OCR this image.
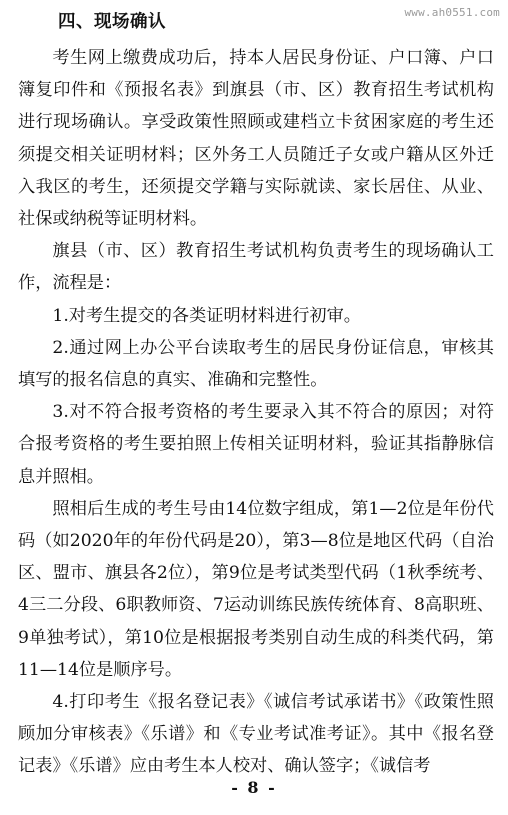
www.ah0551.com
四、现场确认

考生网上缴费成功后，持本人居民身份证、户口簿、户口簿复印件和《预报名表》到旗县（市、区）教育招生考试机构进行现场确认。享受政策性照顾或建档立卡贫困家庭的考生还须提交相关证明材料；区外务工人员随迁子女或户籍从区外迁入我区的考生，还须提交学籍与实际就读、家长居住、从业、社保或纳税等证明材料。

旗县（市、区）教育招生考试机构负责考生的现场确认工作，流程是：

1.对考生提交的各类证明材料进行初审。

2.通过网上办公平台读取考生的居民身份证信息，审核其填写的报名信息的真实、准确和完整性。

3.对不符合报考资格的考生要录入其不符合的原因；对符合报考资格的考生要拍照上传相关证明材料，验证其指静脉信息并照相。

照相后生成的考生号由14位数字组成，第1—2位是年份代码（如2020年的年份代码是20），第3—8位是地区代码（自治区、盟市、旗县各2位），第9位是考试类型代码（1秋季统考、4三二分段、6职教师资、7运动训练民族传统体育、8高职班、9单独考试），第10位是根据报考类别自动生成的科类代码，第11—14位是顺序号。

4.打印考生《报名登记表》《诚信考试承诺书》《政策性照顾加分审核表》《乐谱》和《专业考试准考证》。其中《报名登记表》《乐谱》应由考生本人校对、确认签字；《诚信考

- 8 -
